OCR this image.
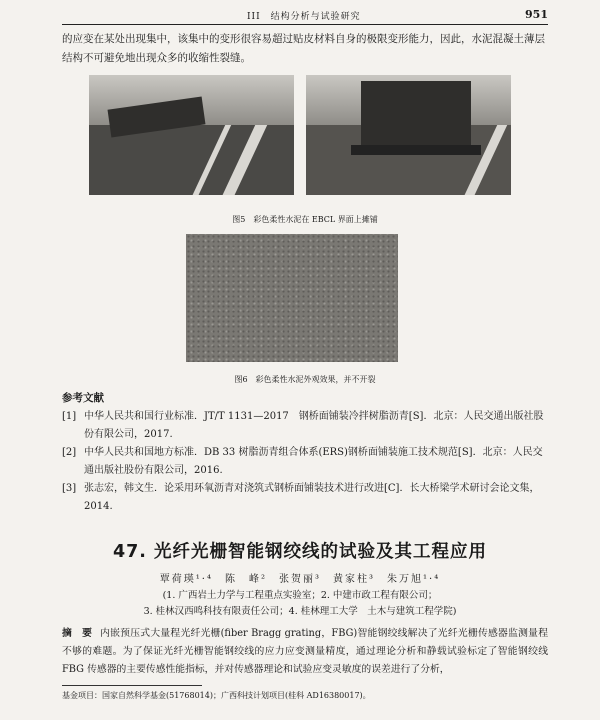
III　结构分析与试验研究	951
的应变在某处出现集中，该集中的变形很容易超过贴皮材料自身的极限变形能力，因此，水泥混凝土薄层结构不可避免地出现众多的收缩性裂缝。
图5　彩色柔性水泥在 EBCL 界面上摊铺
图6　彩色柔性水泥外观效果，并不开裂
参考文献
[1] 中华人民共和国行业标准．JT/T 1131—2017　钢桥面铺装冷拌树脂沥青[S]．北京：人民交通出版社股份有限公司，2017.
[2] 中华人民共和国地方标准．DB 33 树脂沥青组合体系(ERS)钢桥面铺装施工技术规范[S]．北京：人民交通出版社股份有限公司，2016.
[3] 张志宏，韩文生．论采用环氧沥青对浇筑式钢桥面铺装技术进行改进[C]．长大桥梁学术研讨会论文集，2014.
47. 光纤光栅智能钢绞线的试验及其工程应用
覃荷瑛¹·⁴　陈　峰²　张贺丽³　黄家柱³　朱万旭¹·⁴
(1. 广西岩土力学与工程重点实验室；2. 中建市政工程有限公司；
3. 桂林汉西鸣科技有限责任公司；4. 桂林理工大学　土木与建筑工程学院)
摘　要 内嵌预压式大量程光纤光栅(fiber Bragg grating，FBG)智能钢绞线解决了光纤光栅传感器监测量程不够的难题。为了保证光纤光栅智能钢绞线的应力应变测量精度，通过理论分析和静载试验标定了智能钢绞线 FBG 传感器的主要传感性能指标，并对传感器理论和试验应变灵敏度的误差进行了分析，
基金项目：国家自然科学基金(51768014)；广西科技计划项目(桂科 AD16380017)。
